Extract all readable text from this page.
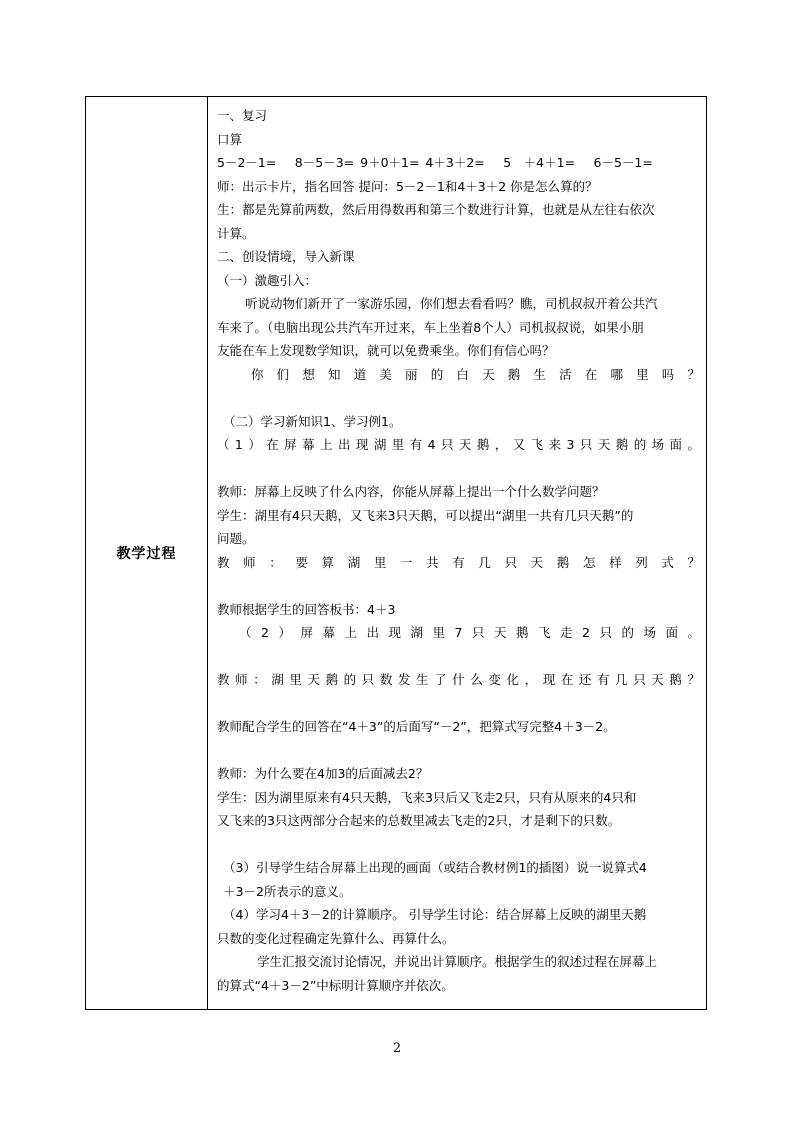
教学过程
一、复习
口算
5－2－1=　 8－5－3= 9＋0＋1= 4＋3＋2=　 5　＋4＋1=　 6－5－1=
师：出示卡片，指名回答 提问：5－2－1和4＋3＋2 你是怎么算的？
生：都是先算前两数，然后用得数再和第三个数进行计算，也就是从左往右依次
计算。
二、创设情境，导入新课
（一）激趣引入：
听说动物们新开了一家游乐园，你们想去看看吗？瞧，司机叔叔开着公共汽
车来了。（电脑出现公共汽车开过来，车上坐着8个人）司机叔叔说，如果小朋
友能在车上发现数学知识，就可以免费乘坐。你们有信心吗？
你们想知道美丽的白天鹅生活在哪里吗？
（二）学习新知识1、学习例1。
（1）在屏幕上出现湖里有4只天鹅，又飞来3只天鹅的场面。
教师：屏幕上反映了什么内容，你能从屏幕上提出一个什么数学问题？
学生：湖里有4只天鹅，又飞来3只天鹅，可以提出“湖里一共有几只天鹅”的
问题。
教师：要算湖里一共有几只天鹅怎样列式？
教师根据学生的回答板书：4＋3
（2）屏幕上出现湖里7只天鹅飞走2只的场面。
教师：湖里天鹅的只数发生了什么变化，现在还有几只天鹅？
教师配合学生的回答在“4＋3”的后面写“－2”，把算式写完整4＋3－2。
教师：为什么要在4加3的后面减去2？
学生：因为湖里原来有4只天鹅，飞来3只后又飞走2只，只有从原来的4只和
又飞来的3只这两部分合起来的总数里减去飞走的2只，才是剩下的只数。
（3）引导学生结合屏幕上出现的画面（或结合教材例1的插图）说一说算式4
＋3－2所表示的意义。
（4）学习4＋3－2的计算顺序。 引导学生讨论：结合屏幕上反映的湖里天鹅
只数的变化过程确定先算什么、再算什么。
学生汇报交流讨论情况，并说出计算顺序。根据学生的叙述过程在屏幕上
的算式“4＋3－2”中标明计算顺序并依次。
2
